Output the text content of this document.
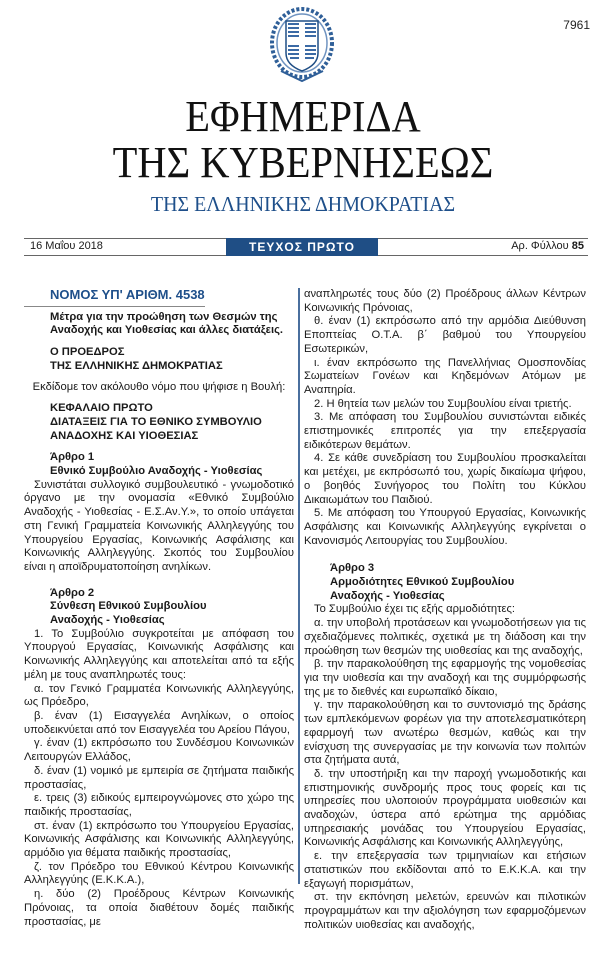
7961
ΕΦΗΜΕΡΙΔΑ
ΤΗΣ ΚΥΒΕΡΝΗΣΕΩΣ
ΤΗΣ ΕΛΛΗΝΙΚΗΣ ΔΗΜΟΚΡΑΤΙΑΣ
16 Μαΐου 2018	ΤΕΥΧΟΣ ΠΡΩΤΟ	Αρ. Φύλλου 85
ΝΟΜΟΣ ΥΠ' ΑΡΙΘΜ. 4538
Μέτρα για την προώθηση των Θεσμών της Αναδοχής και Υιοθεσίας και άλλες διατάξεις.
Ο ΠΡΟΕΔΡΟΣ
ΤΗΣ ΕΛΛΗΝΙΚΗΣ ΔΗΜΟΚΡΑΤΙΑΣ
Εκδίδομε τον ακόλουθο νόμο που ψήφισε η Βουλή:
ΚΕΦΑΛΑΙΟ ΠΡΩΤΟ
ΔΙΑΤΑΞΕΙΣ ΓΙΑ ΤΟ ΕΘΝΙΚΟ ΣΥΜΒΟΥΛΙΟ
ΑΝΑΔΟΧΗΣ ΚΑΙ ΥΙΟΘΕΣΙΑΣ
Άρθρο 1
Εθνικό Συμβούλιο Αναδοχής - Υιοθεσίας

Συνιστάται συλλογικό συμβουλευτικό - γνωμοδοτικό όργανο με την ονομασία «Εθνικό Συμβούλιο Αναδοχής - Υιοθεσίας - Ε.Σ.Αν.Υ.», το οποίο υπάγεται στη Γενική Γραμματεία Κοινωνικής Αλληλεγγύης του Υπουργείου Εργασίας, Κοινωνικής Ασφάλισης και Κοινωνικής Αλληλεγγύης. Σκοπός του Συμβουλίου είναι η αποϊδρυματοποίηση ανηλίκων.

Άρθρο 2
Σύνθεση Εθνικού Συμβουλίου
Αναδοχής - Υιοθεσίας

1. Το Συμβούλιο συγκροτείται με απόφαση του Υπουργού Εργασίας, Κοινωνικής Ασφάλισης και Κοινωνικής Αλληλεγγύης και αποτελείται από τα εξής μέλη με τους αναπληρωτές τους:

α. τον Γενικό Γραμματέα Κοινωνικής Αλληλεγγύης, ως Πρόεδρο,

β. έναν (1) Εισαγγελέα Ανηλίκων, ο οποίος υποδεικνύεται από τον Εισαγγελέα του Αρείου Πάγου,

γ. έναν (1) εκπρόσωπο του Συνδέσμου Κοινωνικών Λειτουργών Ελλάδος,

δ. έναν (1) νομικό με εμπειρία σε ζητήματα παιδικής προστασίας,

ε. τρεις (3) ειδικούς εμπειρογνώμονες στο χώρο της παιδικής προστασίας,

στ. έναν (1) εκπρόσωπο του Υπουργείου Εργασίας, Κοινωνικής Ασφάλισης και Κοινωνικής Αλληλεγγύης, αρμόδιο για θέματα παιδικής προστασίας,

ζ. τον Πρόεδρο του Εθνικού Κέντρου Κοινωνικής Αλληλεγγύης (Ε.Κ.Κ.Α.),

η. δύο (2) Προέδρους Κέντρων Κοινωνικής Πρόνοιας, τα οποία διαθέτουν δομές παιδικής προστασίας, με

αναπληρωτές τους δύο (2) Προέδρους άλλων Κέντρων Κοινωνικής Πρόνοιας,

θ. έναν (1) εκπρόσωπο από την αρμόδια Διεύθυνση Εποπτείας Ο.Τ.Α. β΄ βαθμού του Υπουργείου Εσωτερικών,

ι. έναν εκπρόσωπο της Πανελλήνιας Ομοσπονδίας Σωματείων Γονέων και Κηδεμόνων Ατόμων με Αναπηρία.

2. Η θητεία των μελών του Συμβουλίου είναι τριετής.

3. Με απόφαση του Συμβουλίου συνιστώνται ειδικές επιστημονικές επιτροπές για την επεξεργασία ειδικότερων θεμάτων.

4. Σε κάθε συνεδρίαση του Συμβουλίου προσκαλείται και μετέχει, με εκπρόσωπό του, χωρίς δικαίωμα ψήφου, ο βοηθός Συνήγορος του Πολίτη του Κύκλου Δικαιωμάτων του Παιδιού.

5. Με απόφαση του Υπουργού Εργασίας, Κοινωνικής Ασφάλισης και Κοινωνικής Αλληλεγγύης εγκρίνεται ο Κανονισμός Λειτουργίας του Συμβουλίου.

Άρθρο 3
Αρμοδιότητες Εθνικού Συμβουλίου
Αναδοχής - Υιοθεσίας

Το Συμβούλιο έχει τις εξής αρμοδιότητες:

α. την υποβολή προτάσεων και γνωμοδοτήσεων για τις σχεδιαζόμενες πολιτικές, σχετικά με τη διάδοση και την προώθηση των θεσμών της υιοθεσίας και της αναδοχής,

β. την παρακολούθηση της εφαρμογής της νομοθεσίας για την υιοθεσία και την αναδοχή και της συμμόρφωσής της με το διεθνές και ευρωπαϊκό δίκαιο,

γ. την παρακολούθηση και το συντονισμό της δράσης των εμπλεκόμενων φορέων για την αποτελεσματικότερη εφαρμογή των ανωτέρω θεσμών, καθώς και την ενίσχυση της συνεργασίας με την κοινωνία των πολιτών στα ζητήματα αυτά,

δ. την υποστήριξη και την παροχή γνωμοδοτικής και επιστημονικής συνδρομής προς τους φορείς και τις υπηρεσίες που υλοποιούν προγράμματα υιοθεσιών και αναδοχών, ύστερα από ερώτημα της αρμόδιας υπηρεσιακής μονάδας του Υπουργείου Εργασίας, Κοινωνικής Ασφάλισης και Κοινωνικής Αλληλεγγύης,

ε. την επεξεργασία των τριμηνιαίων και ετήσιων στατιστικών που εκδίδονται από το Ε.Κ.Κ.Α. και την εξαγωγή πορισμάτων,

στ. την εκπόνηση μελετών, ερευνών και πιλοτικών προγραμμάτων και την αξιολόγηση των εφαρμοζόμενων πολιτικών υιοθεσίας και αναδοχής,
